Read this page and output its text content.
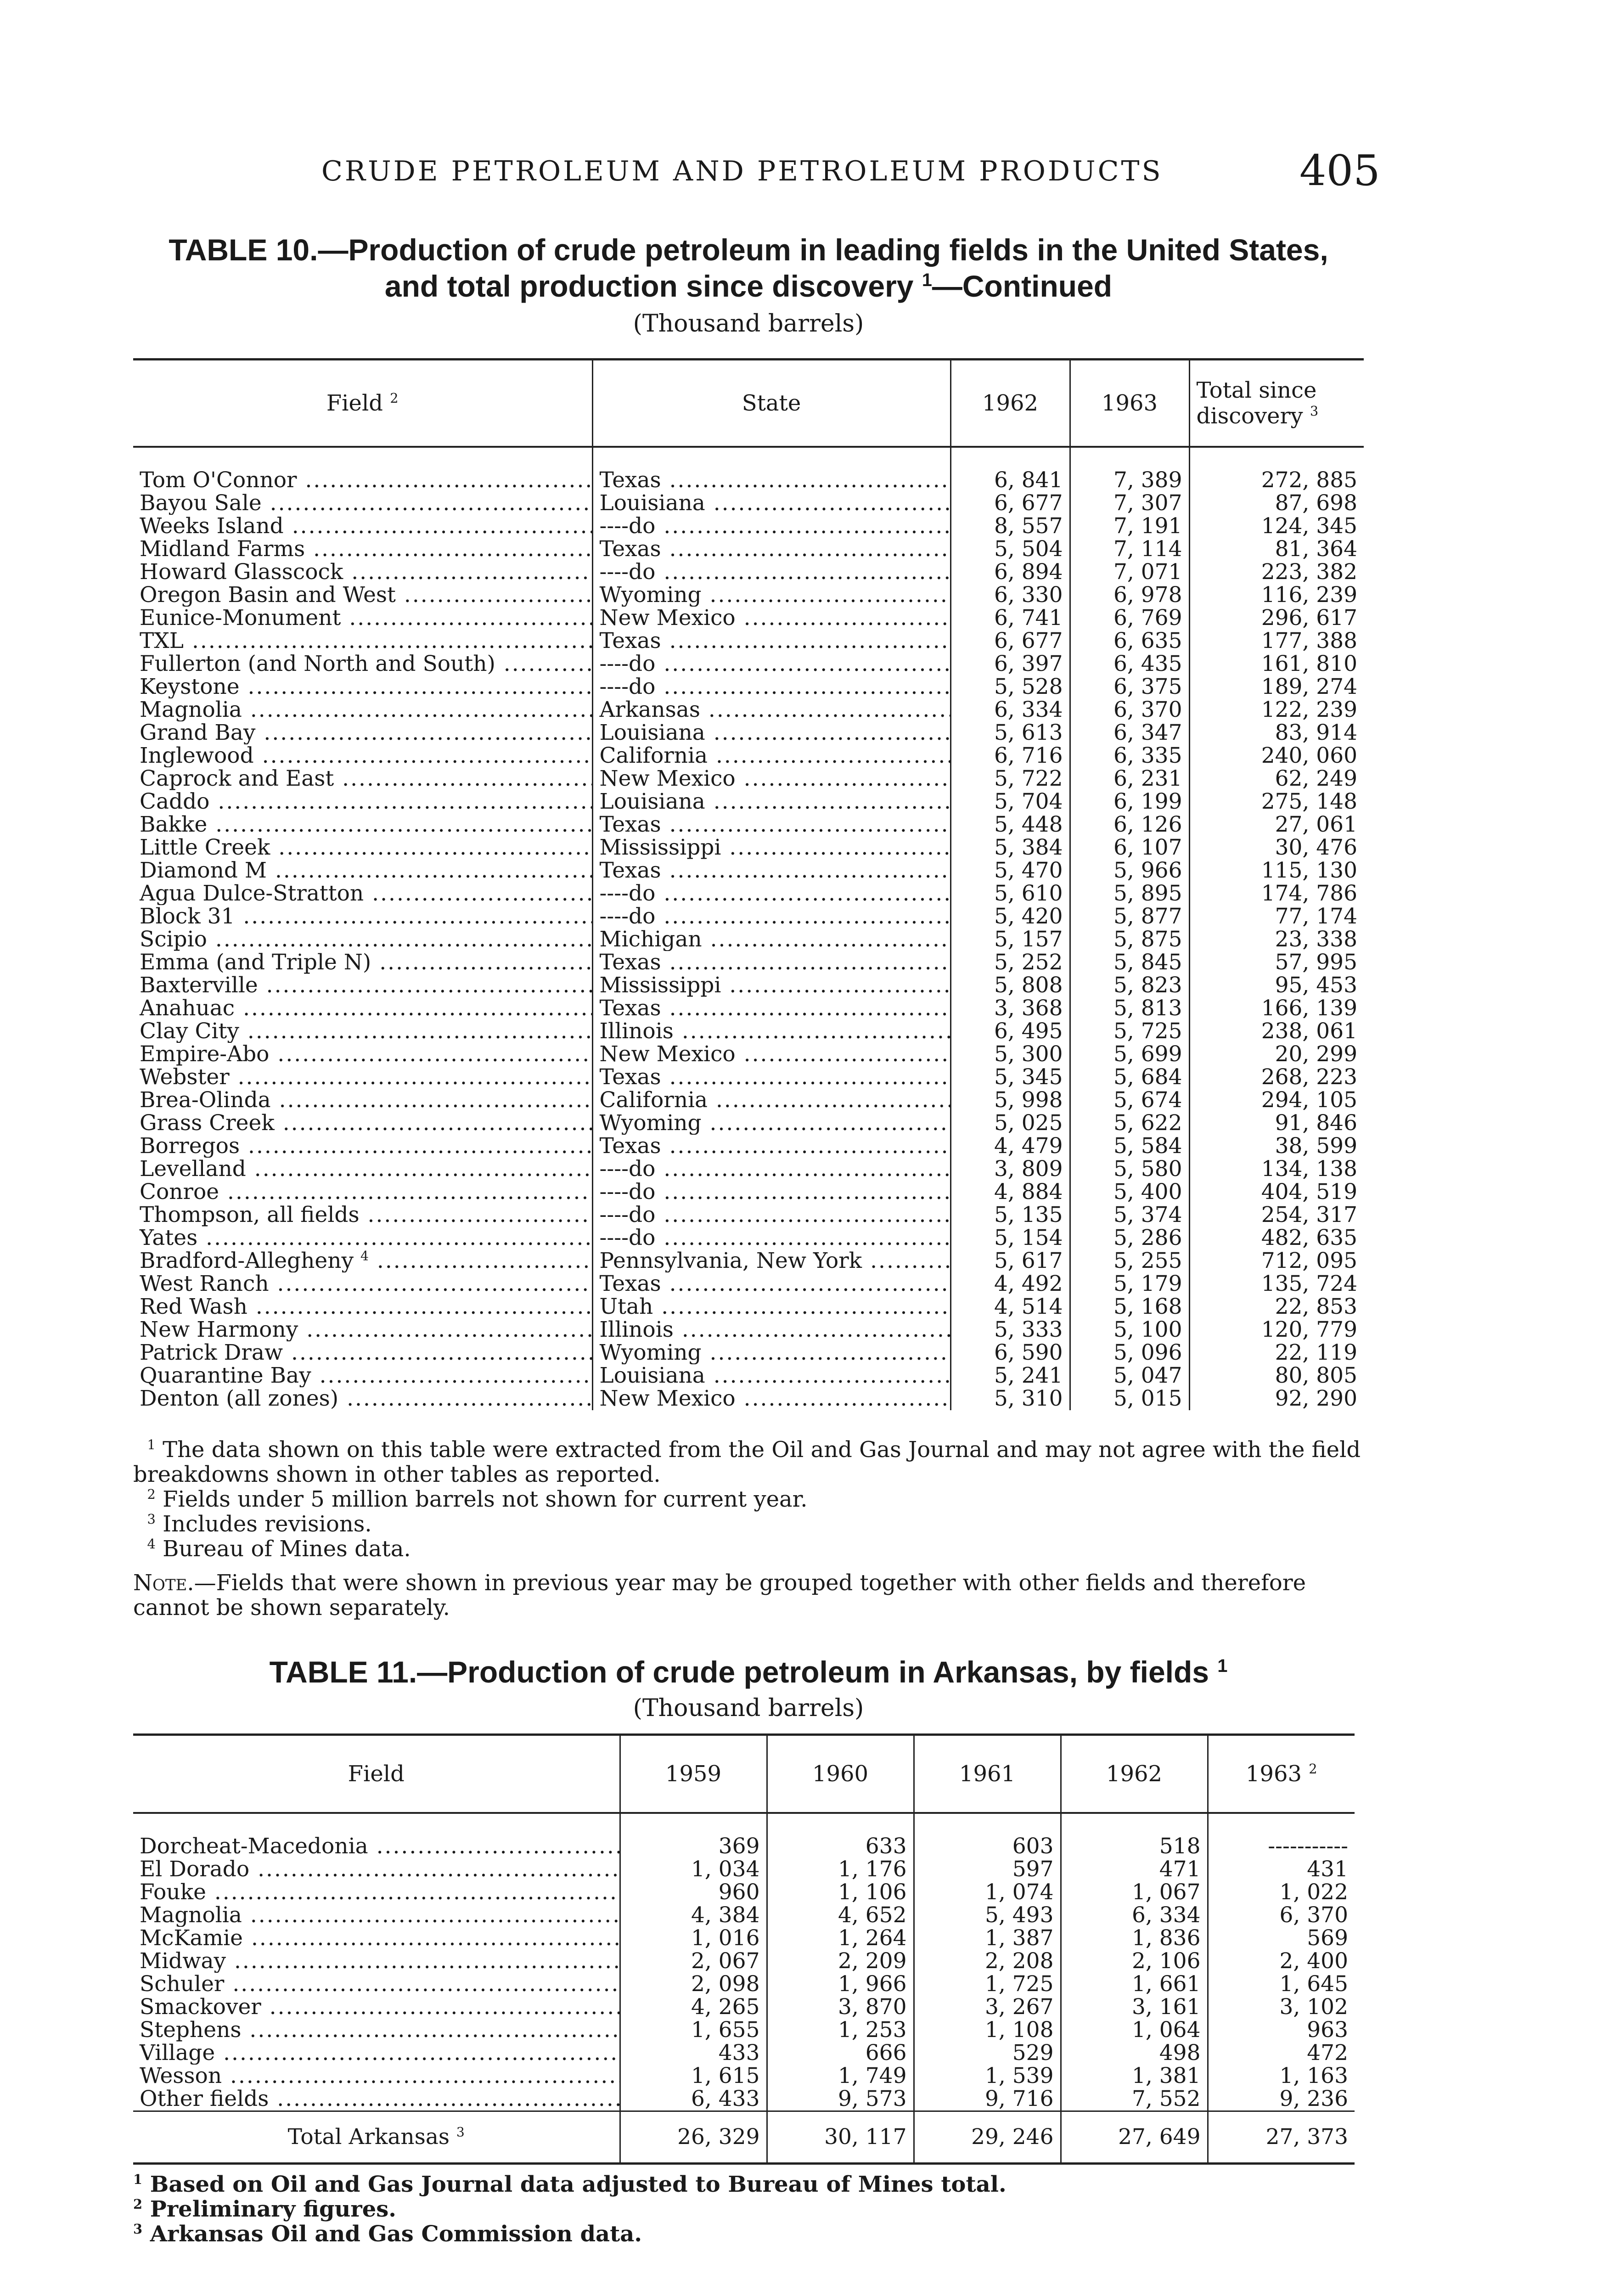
CRUDE PETROLEUM AND PETROLEUM PRODUCTS	405
TABLE 10.—Production of crude petroleum in leading fields in the United States,
and total production since discovery $^1$—Continued
(Thousand barrels)
Field $^2$	State	1962	1963	Total since discovery $^3$
Tom O'Connor .....	Texas .....	6, 841	7, 389	272, 885
Bayou Sale .....	Louisiana .....	6, 677	7, 307	87, 698
Weeks Island .....	----do .....	8, 557	7, 191	124, 345
Midland Farms .....	Texas .....	5, 504	7, 114	81, 364
Howard Glasscock .....	----do .....	6, 894	7, 071	223, 382
Oregon Basin and West .....	Wyoming .....	6, 330	6, 978	116, 239
Eunice-Monument .....	New Mexico .....	6, 741	6, 769	296, 617
TXL .....	Texas .....	6, 677	6, 635	177, 388
Fullerton (and North and South) .....	----do .....	6, 397	6, 435	161, 810
Keystone .....	----do .....	5, 528	6, 375	189, 274
Magnolia .....	Arkansas .....	6, 334	6, 370	122, 239
Grand Bay .....	Louisiana .....	5, 613	6, 347	83, 914
Inglewood .....	California .....	6, 716	6, 335	240, 060
Caprock and East .....	New Mexico .....	5, 722	6, 231	62, 249
Caddo .....	Louisiana .....	5, 704	6, 199	275, 148
Bakke .....	Texas .....	5, 448	6, 126	27, 061
Little Creek .....	Mississippi .....	5, 384	6, 107	30, 476
Diamond M .....	Texas .....	5, 470	5, 966	115, 130
Agua Dulce-Stratton .....	----do .....	5, 610	5, 895	174, 786
Block 31 .....	----do .....	5, 420	5, 877	77, 174
Scipio .....	Michigan .....	5, 157	5, 875	23, 338
Emma (and Triple N) .....	Texas .....	5, 252	5, 845	57, 995
Baxterville .....	Mississippi .....	5, 808	5, 823	95, 453
Anahuac .....	Texas .....	3, 368	5, 813	166, 139
Clay City .....	Illinois .....	6, 495	5, 725	238, 061
Empire-Abo .....	New Mexico .....	5, 300	5, 699	20, 299
Webster .....	Texas .....	5, 345	5, 684	268, 223
Brea-Olinda .....	California .....	5, 998	5, 674	294, 105
Grass Creek .....	Wyoming .....	5, 025	5, 622	91, 846
Borregos .....	Texas .....	4, 479	5, 584	38, 599
Levelland .....	----do .....	3, 809	5, 580	134, 138
Conroe .....	----do .....	4, 884	5, 400	404, 519
Thompson, all fields .....	----do .....	5, 135	5, 374	254, 317
Yates .....	----do .....	5, 154	5, 286	482, 635
Bradford-Allegheny $^4$ .....	Pennsylvania, New York .....	5, 617	5, 255	712, 095
West Ranch .....	Texas .....	4, 492	5, 179	135, 724
Red Wash .....	Utah .....	4, 514	5, 168	22, 853
New Harmony .....	Illinois .....	5, 333	5, 100	120, 779
Patrick Draw .....	Wyoming .....	6, 590	5, 096	22, 119
Quarantine Bay .....	Louisiana .....	5, 241	5, 047	80, 805
Denton (all zones) .....	New Mexico .....	5, 310	5, 015	92, 290

$^1$ The data shown on this table were extracted from the Oil and Gas Journal and may not agree with the field breakdowns shown in other tables as reported.

$^2$ Fields under 5 million barrels not shown for current year.

$^3$ Includes revisions.

$^4$ Bureau of Mines data.

Note.—Fields that were shown in previous year may be grouped together with other fields and therefore cannot be shown separately.
TABLE 11.—Production of crude petroleum in Arkansas, by fields $^1$
(Thousand barrels)
Field	1959	1960	1961	1962	1963 $^2$
Dorcheat-Macedonia .....	369	633	603	518	-----------
El Dorado .....	1, 034	1, 176	597	471	431
Fouke .....	960	1, 106	1, 074	1, 067	1, 022
Magnolia .....	4, 384	4, 652	5, 493	6, 334	6, 370
McKamie .....	1, 016	1, 264	1, 387	1, 836	569
Midway .....	2, 067	2, 209	2, 208	2, 106	2, 400
Schuler .....	2, 098	1, 966	1, 725	1, 661	1, 645
Smackover .....	4, 265	3, 870	3, 267	3, 161	3, 102
Stephens .....	1, 655	1, 253	1, 108	1, 064	963
Village .....	433	666	529	498	472
Wesson .....	1, 615	1, 749	1, 539	1, 381	1, 163
Other fields .....	6, 433	9, 573	9, 716	7, 552	9, 236
Total Arkansas $^3$	26, 329	30, 117	29, 246	27, 649	27, 373

$^1$ Based on Oil and Gas Journal data adjusted to Bureau of Mines total.

$^2$ Preliminary figures.

$^3$ Arkansas Oil and Gas Commission data.
